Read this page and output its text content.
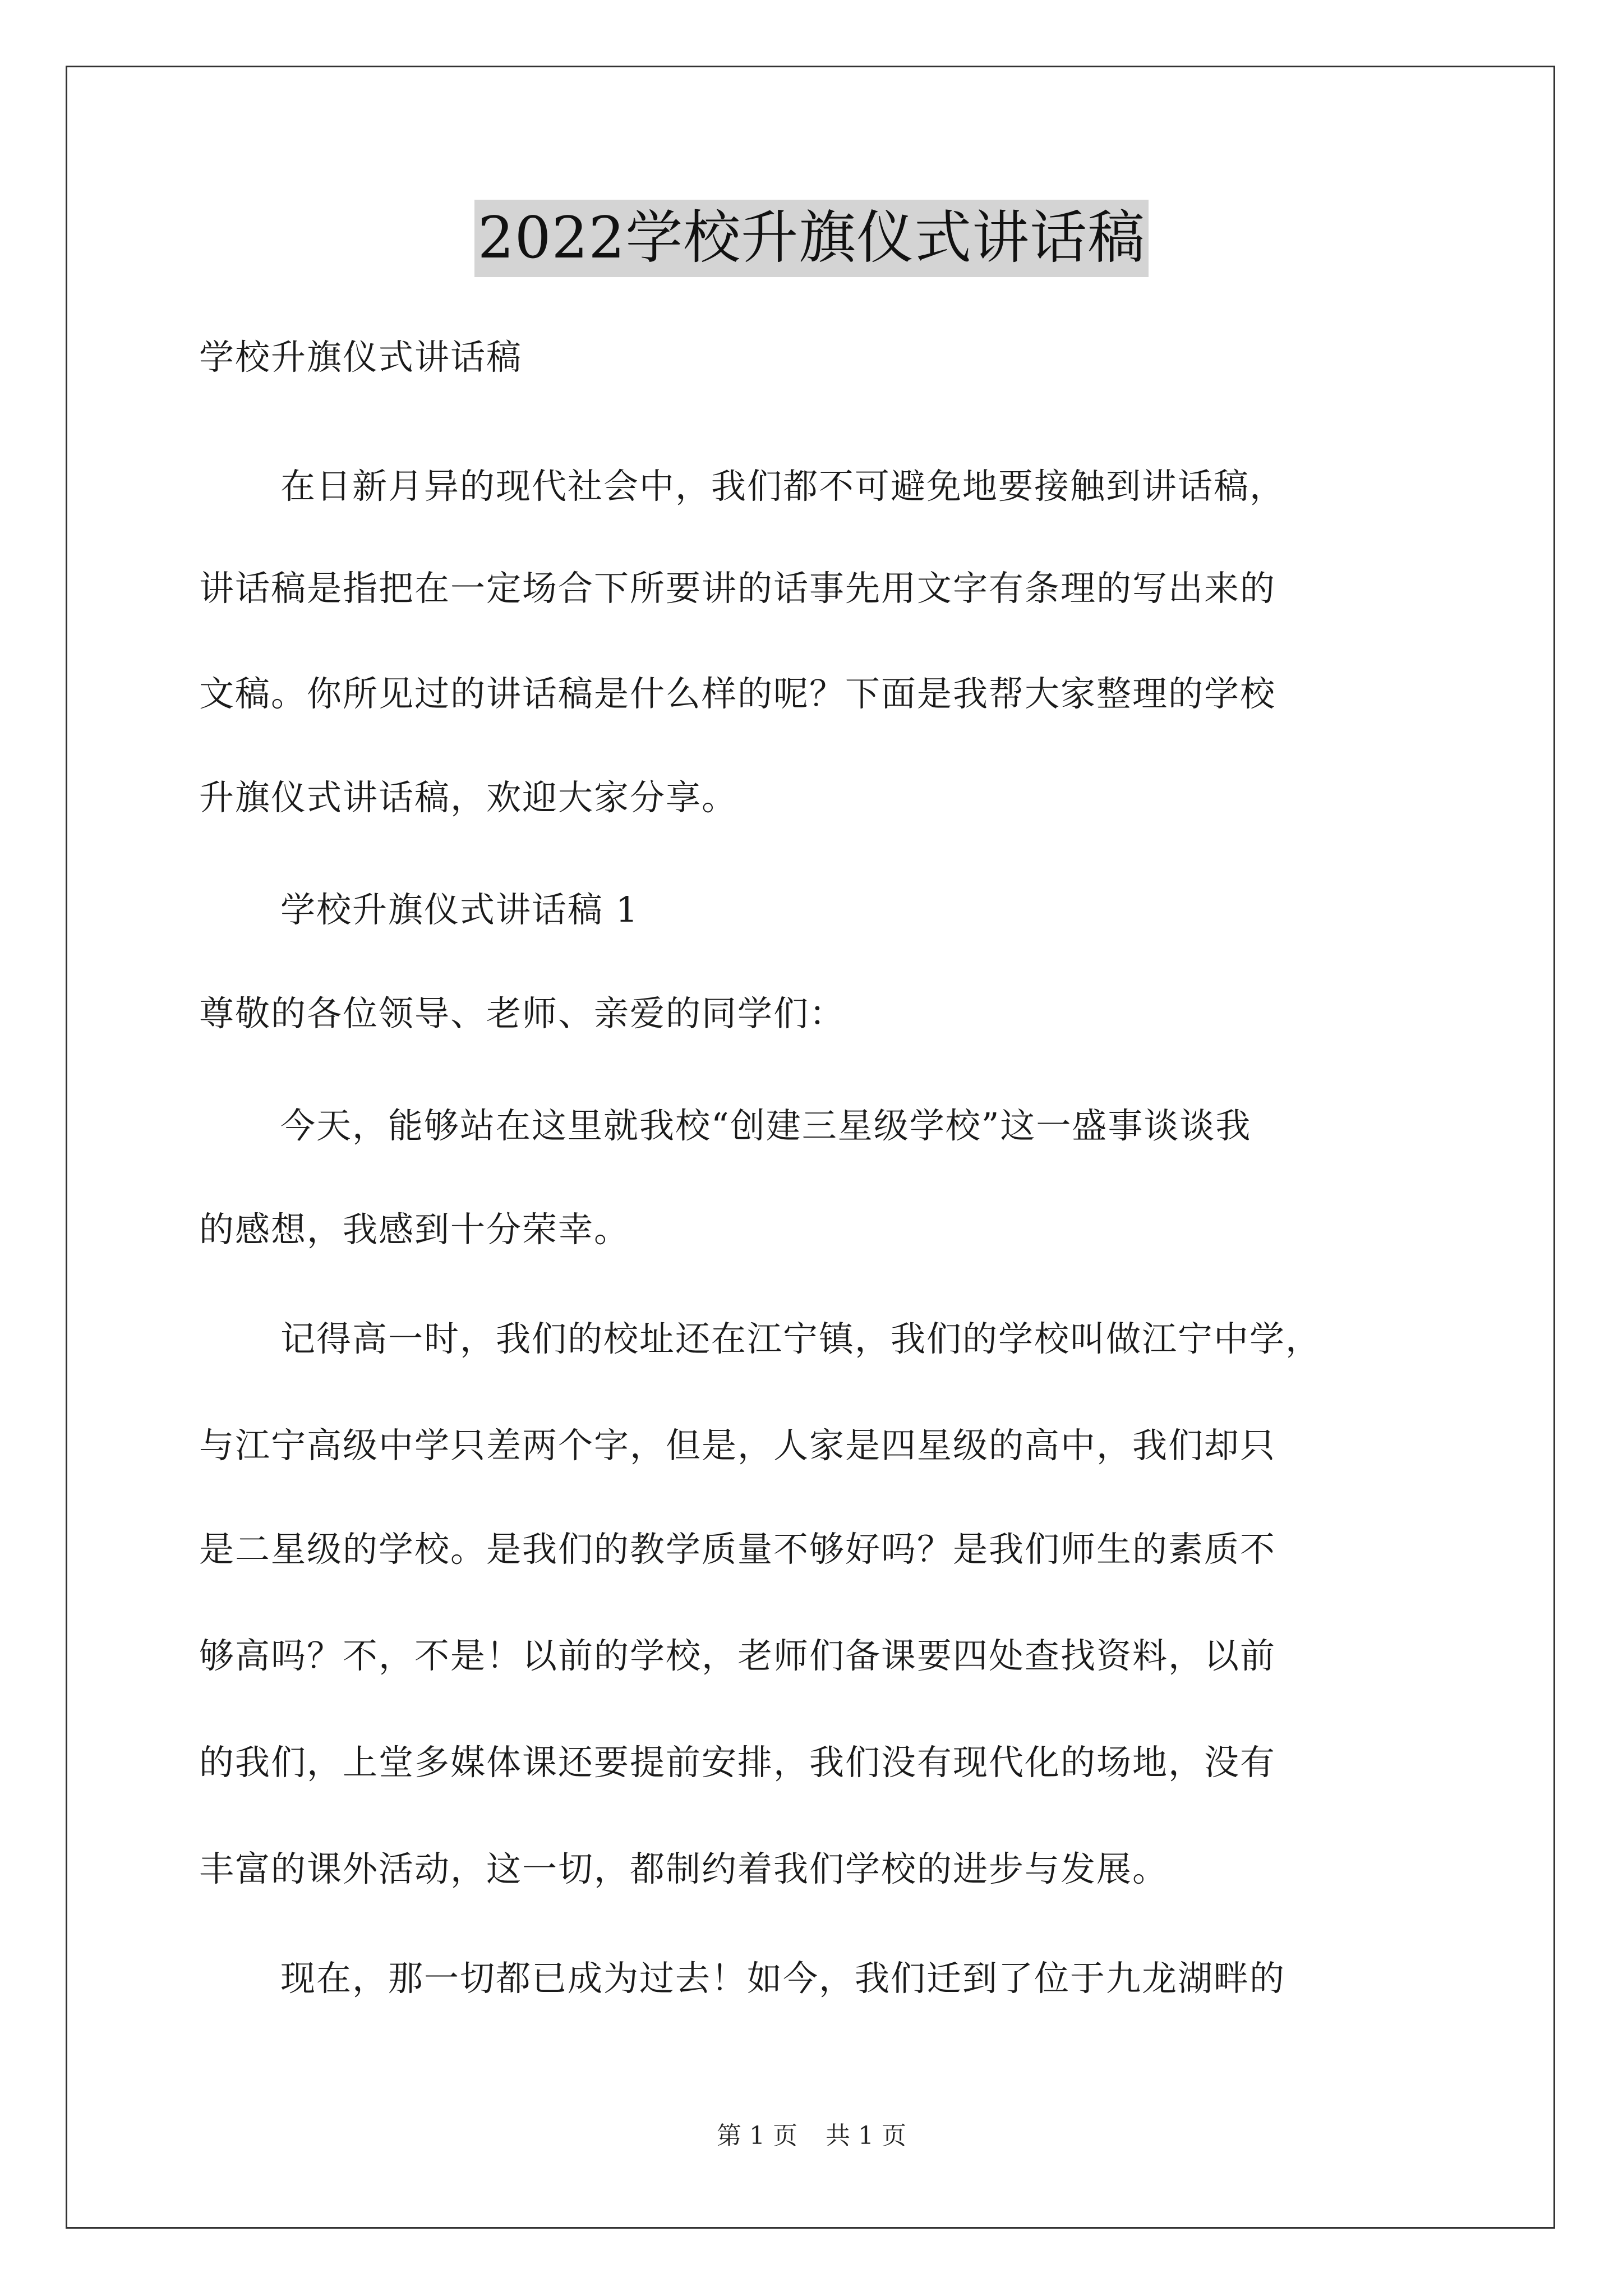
2022学校升旗仪式讲话稿
学校升旗仪式讲话稿
在日新月异的现代社会中，我们都不可避免地要接触到讲话稿，
讲话稿是指把在一定场合下所要讲的话事先用文字有条理的写出来的
文稿。你所见过的讲话稿是什么样的呢？下面是我帮大家整理的学校
升旗仪式讲话稿，欢迎大家分享。
学校升旗仪式讲话稿 1
尊敬的各位领导、老师、亲爱的同学们：
今天，能够站在这里就我校“创建三星级学校”这一盛事谈谈我
的感想，我感到十分荣幸。
记得高一时，我们的校址还在江宁镇，我们的学校叫做江宁中学，
与江宁高级中学只差两个字，但是，人家是四星级的高中，我们却只
是二星级的学校。是我们的教学质量不够好吗？是我们师生的素质不
够高吗？不，不是！以前的学校，老师们备课要四处查找资料，以前
的我们，上堂多媒体课还要提前安排，我们没有现代化的场地，没有
丰富的课外活动，这一切，都制约着我们学校的进步与发展。
现在，那一切都已成为过去！如今，我们迁到了位于九龙湖畔的
第 1 页 共 1 页
